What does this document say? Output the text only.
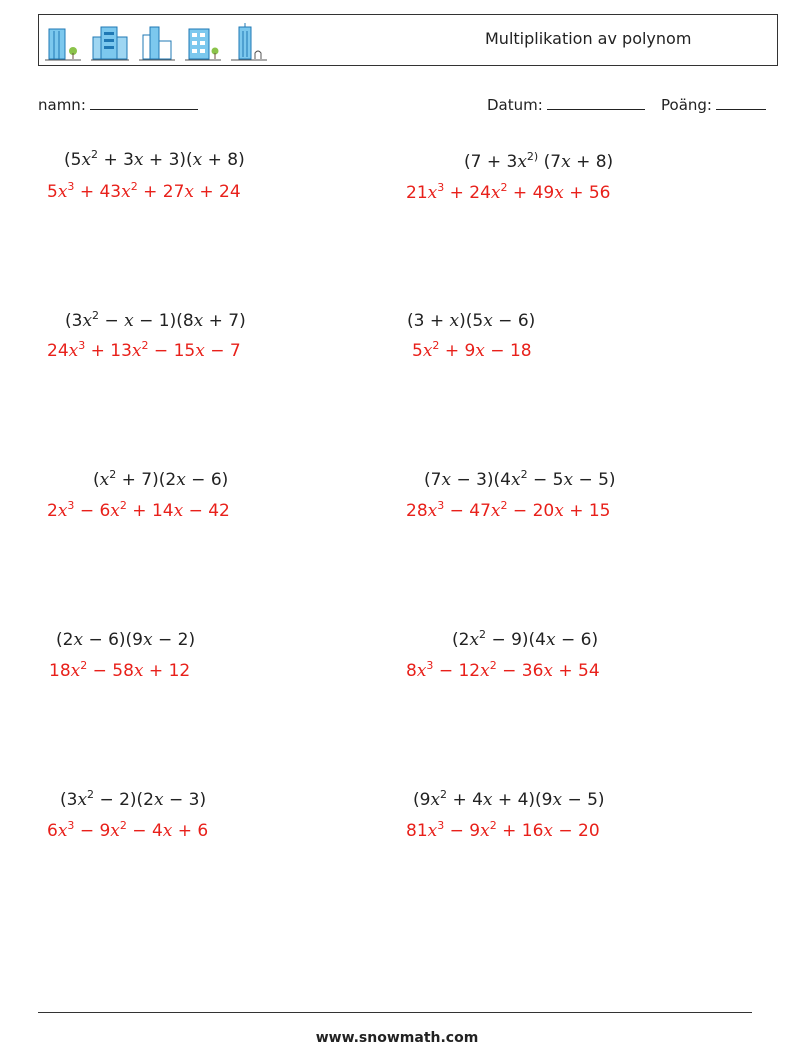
Multiplikation av polynom
namn:	Datum:	Poäng:
$(5x^2 + 3x + 3)(x + 8)$
$5x^3 + 43x^2 + 27x + 24$
($7 + 3x^{2)}$ (7x + 8)
$21x^3 + 24x^2 + 49x + 56$
$(3x^2 - x - 1)(8x + 7)$
$24x^3 + 13x^2 - 15x - 7$
(3 + x)(5x − 6)
$5x^2 + 9x - 18$
$(x^2 + 7)(2x - 6)$
$2x^3 - 6x^2 + 14x - 42$
$(7x - 3)(4x^2 - 5x - 5)$
$28x^3 - 47x^2 - 20x + 15$
(2x − 6)(9x − 2)
$18x^2 - 58x + 12$
$(2x^2 - 9)(4x - 6)$
$8x^3 - 12x^2 - 36x + 54$
$(3x^2 - 2)(2x - 3)$
$6x^3 - 9x^2 - 4x + 6$
$(9x^2 + 4x + 4)(9x - 5)$
$81x^3 - 9x^2 + 16x - 20$
www.snowmath.com
